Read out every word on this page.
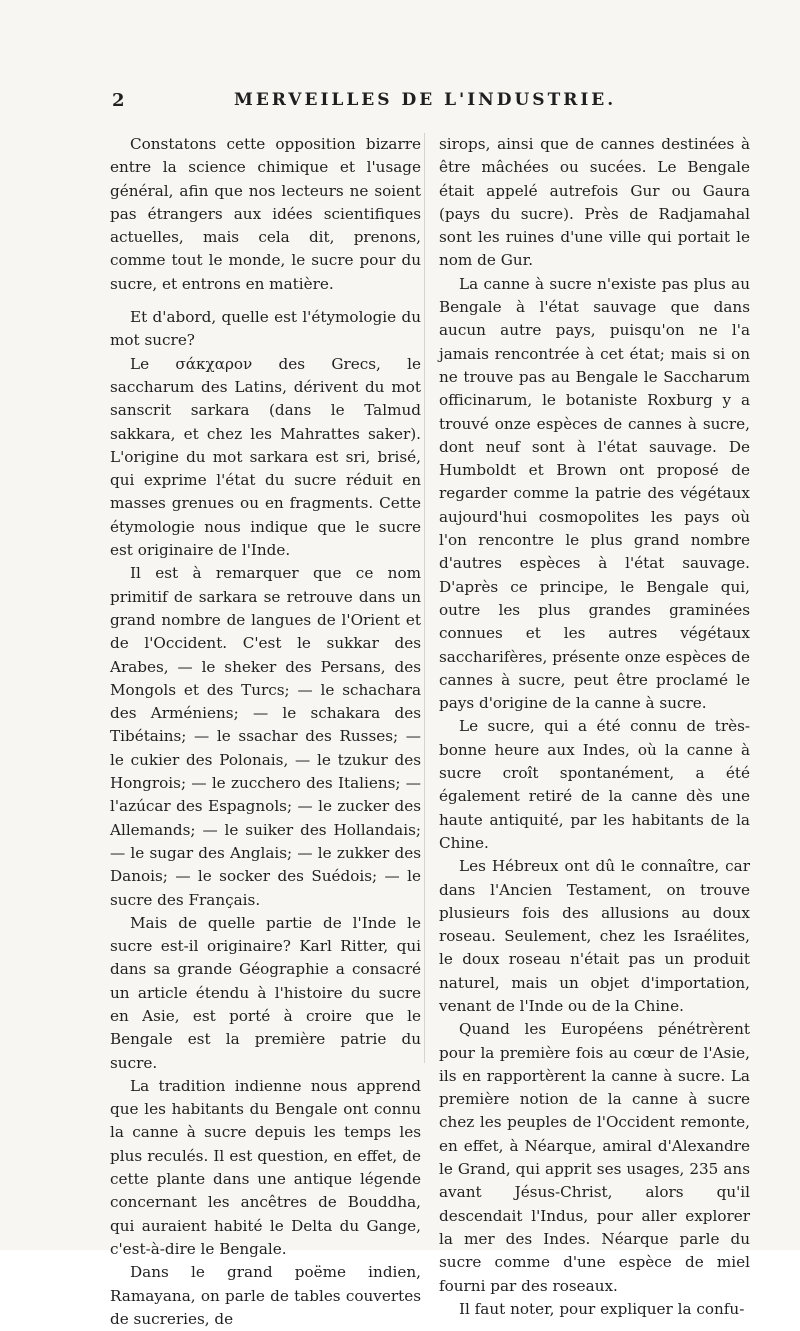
2	MERVEILLES DE L'INDUSTRIE.

Constatons cette opposition bizarre entre la science chimique et l'usage général, afin que nos lecteurs ne soient pas étrangers aux idées scientifiques actuelles, mais cela dit, prenons, comme tout le monde, le sucre pour du sucre, et entrons en matière.

Et d'abord, quelle est l'étymologie du mot sucre?

Le σάκχαρον des Grecs, le saccharum des Latins, dérivent du mot sanscrit sarkara (dans le Talmud sakkara, et chez les Mahrattes saker). L'origine du mot sarkara est sri, brisé, qui exprime l'état du sucre réduit en masses grenues ou en fragments. Cette étymologie nous indique que le sucre est originaire de l'Inde.

Il est à remarquer que ce nom primitif de sarkara se retrouve dans un grand nombre de langues de l'Orient et de l'Occident. C'est le sukkar des Arabes, — le sheker des Persans, des Mongols et des Turcs; — le schachara des Arméniens; — le schakara des Tibétains; — le ssachar des Russes; — le cukier des Polonais, — le tzukur des Hongrois; — le zucchero des Italiens; — l'azúcar des Espagnols; — le zucker des Allemands; — le suiker des Hollandais; — le sugar des Anglais; — le zukker des Danois; — le socker des Suédois; — le sucre des Français.

Mais de quelle partie de l'Inde le sucre est-il originaire? Karl Ritter, qui dans sa grande Géographie a consacré un article étendu à l'histoire du sucre en Asie, est porté à croire que le Bengale est la première patrie du sucre.

La tradition indienne nous apprend que les habitants du Bengale ont connu la canne à sucre depuis les temps les plus reculés. Il est question, en effet, de cette plante dans une antique légende concernant les ancêtres de Bouddha, qui auraient habité le Delta du Gange, c'est-à-dire le Bengale.

Dans le grand poëme indien, Ramayana, on parle de tables couvertes de sucreries, de

sirops, ainsi que de cannes destinées à être mâchées ou sucées. Le Bengale était appelé autrefois Gur ou Gaura (pays du sucre). Près de Radjamahal sont les ruines d'une ville qui portait le nom de Gur.

La canne à sucre n'existe pas plus au Bengale à l'état sauvage que dans aucun autre pays, puisqu'on ne l'a jamais rencontrée à cet état; mais si on ne trouve pas au Bengale le Saccharum officinarum, le botaniste Roxburg y a trouvé onze espèces de cannes à sucre, dont neuf sont à l'état sauvage. De Humboldt et Brown ont proposé de regarder comme la patrie des végétaux aujourd'hui cosmopolites les pays où l'on rencontre le plus grand nombre d'autres espèces à l'état sauvage. D'après ce principe, le Bengale qui, outre les plus grandes graminées connues et les autres végétaux saccharifères, présente onze espèces de cannes à sucre, peut être proclamé le pays d'origine de la canne à sucre.

Le sucre, qui a été connu de très-bonne heure aux Indes, où la canne à sucre croît spontanément, a été également retiré de la canne dès une haute antiquité, par les habitants de la Chine.

Les Hébreux ont dû le connaître, car dans l'Ancien Testament, on trouve plusieurs fois des allusions au doux roseau. Seulement, chez les Israélites, le doux roseau n'était pas un produit naturel, mais un objet d'importation, venant de l'Inde ou de la Chine.

Quand les Européens pénétrèrent pour la première fois au cœur de l'Asie, ils en rapportèrent la canne à sucre. La première notion de la canne à sucre chez les peuples de l'Occident remonte, en effet, à Néarque, amiral d'Alexandre le Grand, qui apprit ses usages, 235 ans avant Jésus-Christ, alors qu'il descendait l'Indus, pour aller explorer la mer des Indes. Néarque parle du sucre comme d'une espèce de miel fourni par des roseaux.

Il faut noter, pour expliquer la confu-
